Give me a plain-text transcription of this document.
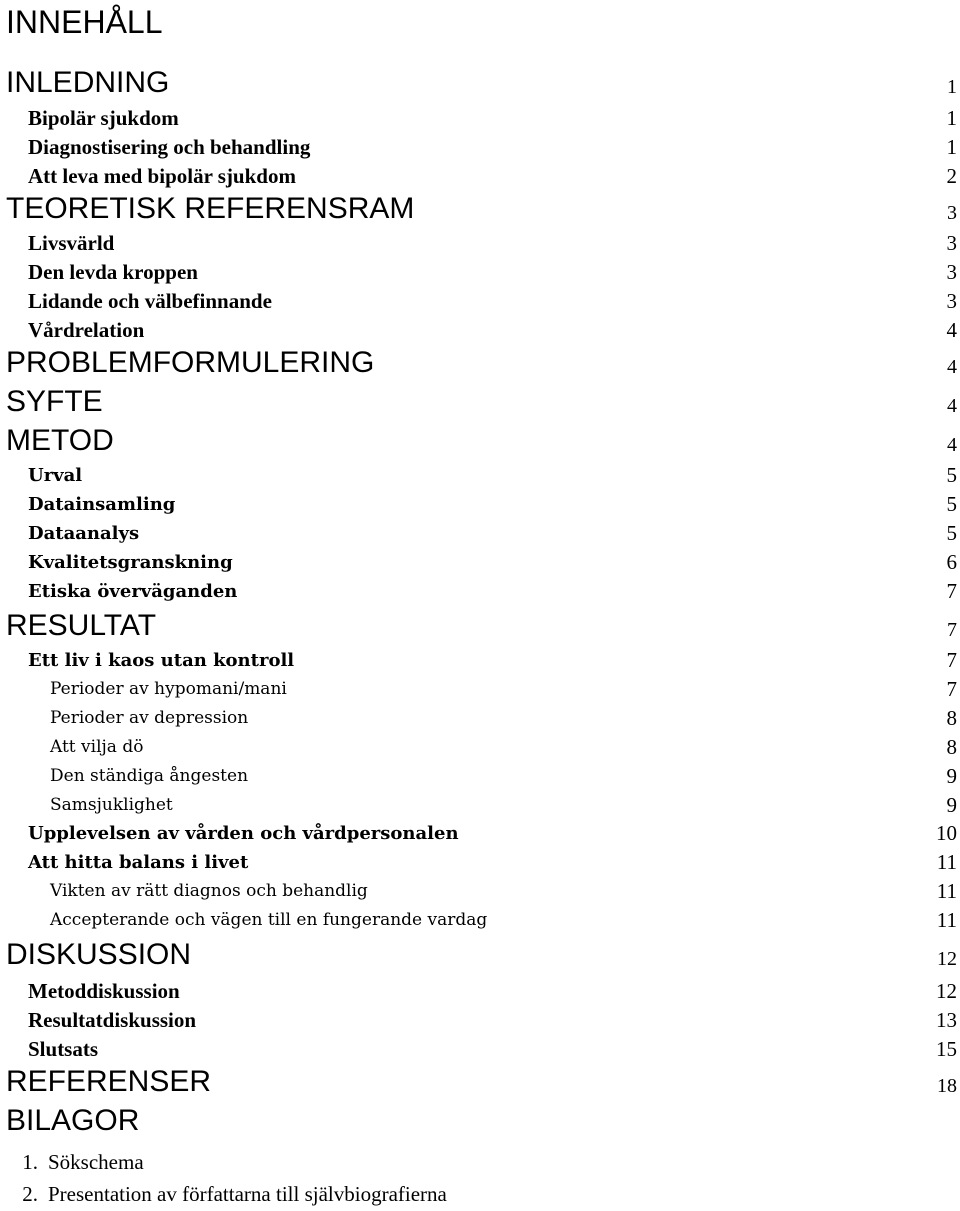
INNEHÅLL
INLEDNING	1
Bipolär sjukdom	1
Diagnostisering och behandling	1
Att leva med bipolär sjukdom	2
TEORETISK REFERENSRAM	3
Livsvärld	3
Den levda kroppen	3
Lidande och välbefinnande	3
Vårdrelation	4
PROBLEMFORMULERING	4
SYFTE	4
METOD	4
Urval	5
Datainsamling	5
Dataanalys	5
Kvalitetsgranskning	6
Etiska överväganden	7
RESULTAT	7
Ett liv i kaos utan kontroll	7
Perioder av hypomani/mani	7
Perioder av depression	8
Att vilja dö	8
Den ständiga ångesten	9
Samsjuklighet	9
Upplevelsen av vården och vårdpersonalen	10
Att hitta balans i livet	11
Vikten av rätt diagnos och behandlig	11
Accepterande och vägen till en fungerande vardag	11
DISKUSSION	12
Metoddiskussion	12
Resultatdiskussion	13
Slutsats	15
REFERENSER	18
BILAGOR
1. Sökschema
2. Presentation av författarna till självbiografierna
